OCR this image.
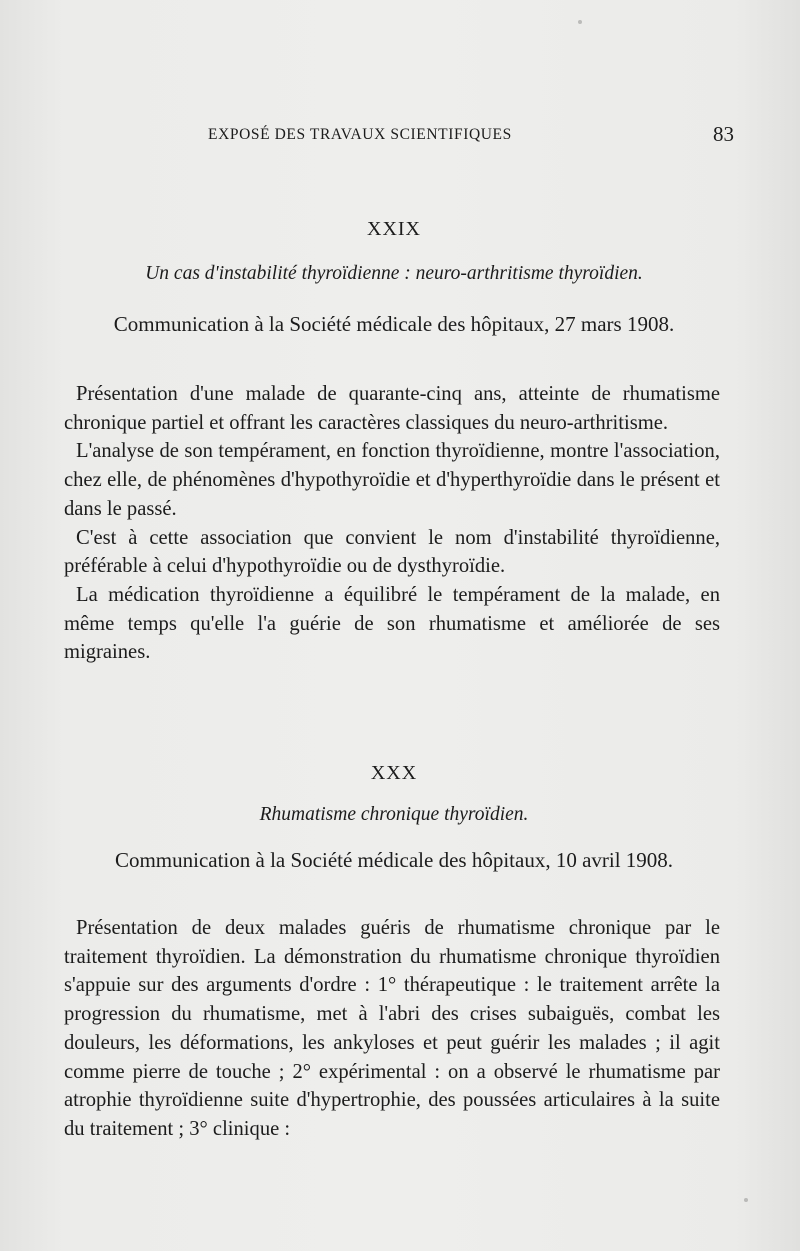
EXPOSÉ DES TRAVAUX SCIENTIFIQUES	83
XXIX
Un cas d'instabilité thyroïdienne : neuro-arthritisme thyroïdien.
Communication à la Société médicale des hôpitaux, 27 mars 1908.

Présentation d'une malade de quarante-cinq ans, atteinte de rhumatisme chronique partiel et offrant les caractères classiques du neuro-arthritisme.

L'analyse de son tempérament, en fonction thyroïdienne, montre l'association, chez elle, de phénomènes d'hypothyroïdie et d'hyperthyroïdie dans le présent et dans le passé.

C'est à cette association que convient le nom d'instabilité thyroïdienne, préférable à celui d'hypothyroïdie ou de dysthyroïdie.

La médication thyroïdienne a équilibré le tempérament de la malade, en même temps qu'elle l'a guérie de son rhumatisme et améliorée de ses migraines.

XXX
Rhumatisme chronique thyroïdien.
Communication à la Société médicale des hôpitaux, 10 avril 1908.

Présentation de deux malades guéris de rhumatisme chronique par le traitement thyroïdien. La démonstration du rhumatisme chronique thyroïdien s'appuie sur des arguments d'ordre : 1° thérapeutique : le traitement arrête la progression du rhumatisme, met à l'abri des crises subaiguës, combat les douleurs, les déformations, les ankyloses et peut guérir les malades ; il agit comme pierre de touche ; 2° expérimental : on a observé le rhumatisme par atrophie thyroïdienne suite d'hypertrophie, des poussées articulaires à la suite du traitement ; 3° clinique :
